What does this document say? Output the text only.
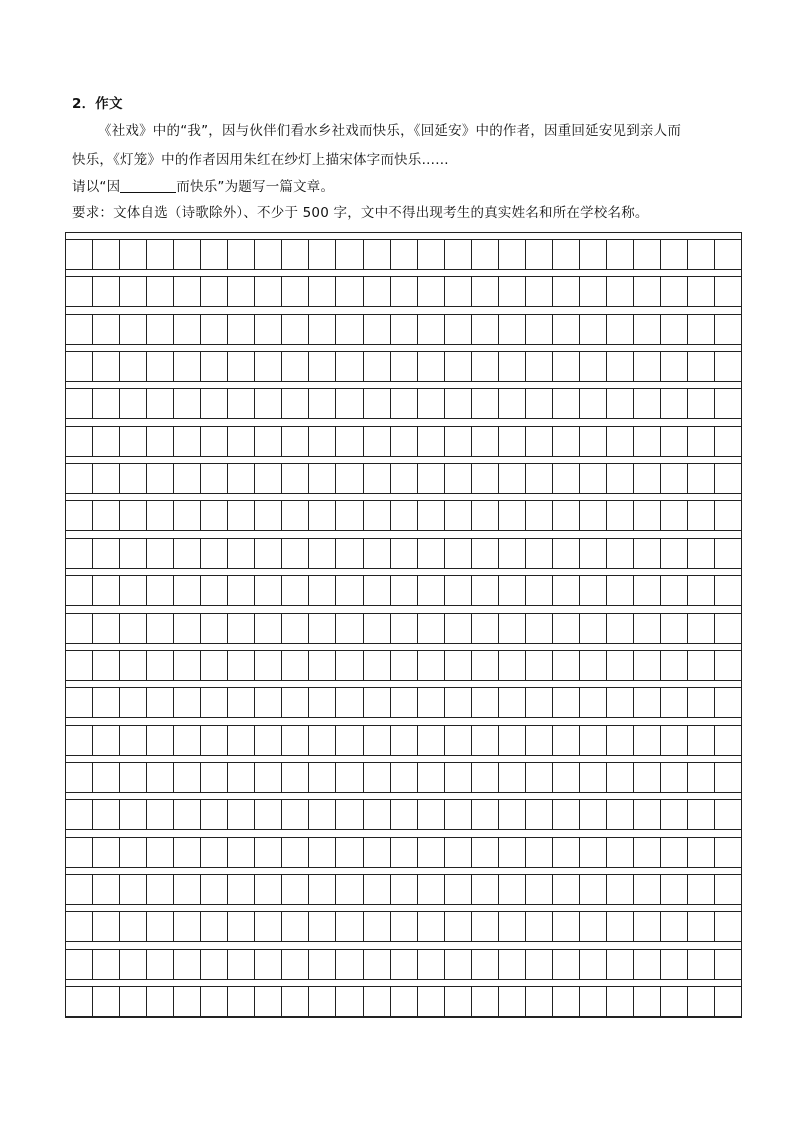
2．作文
《社戏》中的“我”，因与伙伴们看水乡社戏而快乐，《回延安》中的作者，因重回延安见到亲人而
快乐，《灯笼》中的作者因用朱红在纱灯上描宋体字而快乐……
请以“因	而快乐”为题写一篇文章。
要求：文体自选（诗歌除外）、不少于 500 字，文中不得出现考生的真实姓名和所在学校名称。
